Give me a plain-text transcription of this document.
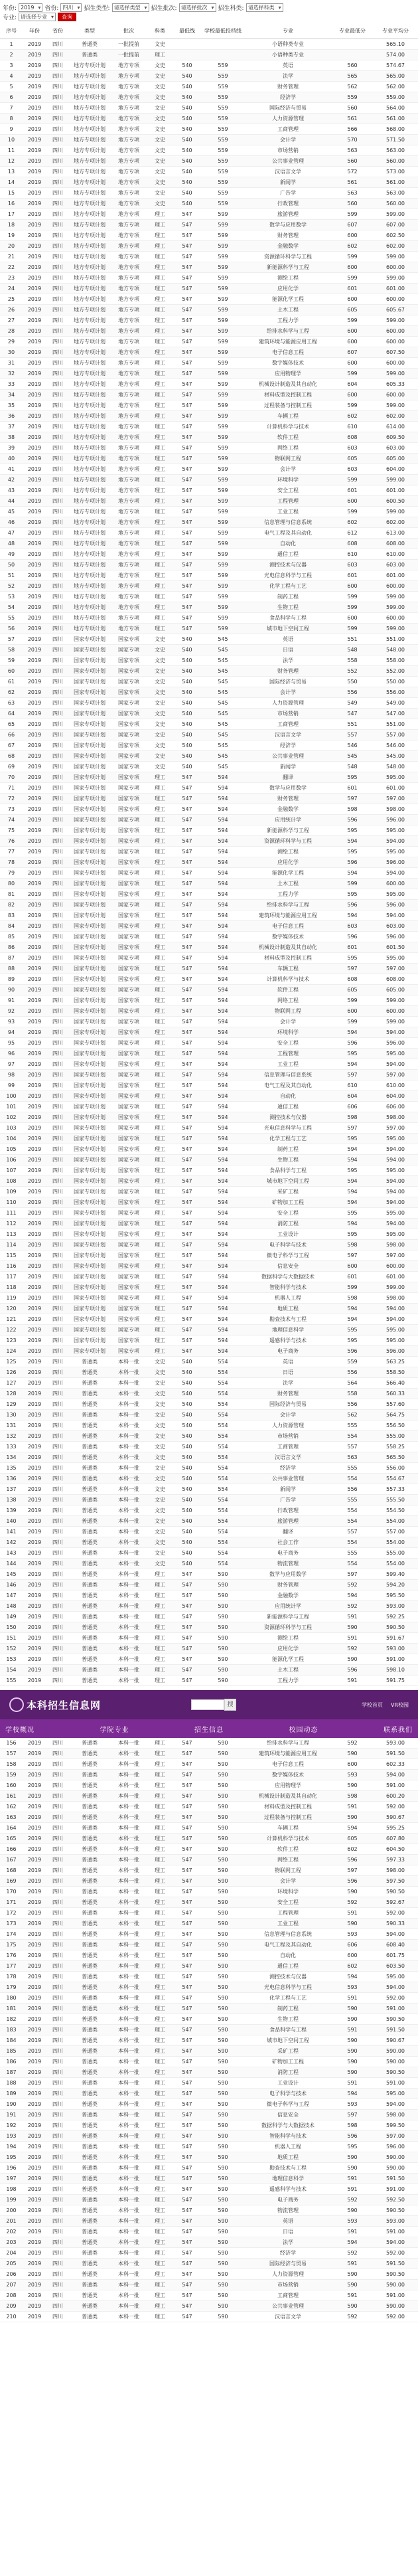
年份: 2019 ▾	省份: 四川 ▾	招生类型: 请选择类型 ▾	招生批次: 请选择批次 ▾	招生科类: 请选择科类 ▾
专业: 请选择专业 ▾	查询
序号	年份	省份	类型	批次	科类	最低线	学校最低投档线	专业	专业最低分	专业平均分
1	2019	四川	普通类	一批提前	文史			小语种类专业		565.10
2	2019	四川	普通类	一批提前	理工			小语种类专业		574.00
3	2019	四川	地方专项计划	地方专项	文史	540	559	英语	560	574.67
4	2019	四川	地方专项计划	地方专项	文史	540	559	法学	565	565.00
5	2019	四川	地方专项计划	地方专项	文史	540	559	财务管理	562	562.00
6	2019	四川	地方专项计划	地方专项	文史	540	559	经济学	559	559.00
7	2019	四川	地方专项计划	地方专项	文史	540	559	国际经济与贸易	560	564.00
8	2019	四川	地方专项计划	地方专项	文史	540	559	人力资源管理	561	561.00
9	2019	四川	地方专项计划	地方专项	文史	540	559	工商管理	566	568.00
10	2019	四川	地方专项计划	地方专项	文史	540	559	会计学	570	571.50
11	2019	四川	地方专项计划	地方专项	文史	540	559	市场营销	563	563.00
12	2019	四川	地方专项计划	地方专项	文史	540	559	公共事业管理	560	560.00
13	2019	四川	地方专项计划	地方专项	文史	540	559	汉语言文学	572	573.00
14	2019	四川	地方专项计划	地方专项	文史	540	559	新闻学	561	561.00
15	2019	四川	地方专项计划	地方专项	文史	540	559	广告学	563	563.00
16	2019	四川	地方专项计划	地方专项	文史	540	559	行政管理	560	560.00
17	2019	四川	地方专项计划	地方专项	理工	547	599	旅游管理	599	599.00
18	2019	四川	地方专项计划	地方专项	理工	547	599	数学与应用数学	607	607.00
19	2019	四川	地方专项计划	地方专项	理工	547	599	财务管理	600	602.50
20	2019	四川	地方专项计划	地方专项	理工	547	599	金融数学	602	602.00
21	2019	四川	地方专项计划	地方专项	理工	547	599	资源循环科学与工程	599	599.00
22	2019	四川	地方专项计划	地方专项	理工	547	599	新能源科学与工程	600	600.00
23	2019	四川	地方专项计划	地方专项	理工	547	599	测绘工程	599	599.00
24	2019	四川	地方专项计划	地方专项	理工	547	599	应用化学	601	601.00
25	2019	四川	地方专项计划	地方专项	理工	547	599	能源化学工程	600	600.00
26	2019	四川	地方专项计划	地方专项	理工	547	599	土木工程	605	605.67
27	2019	四川	地方专项计划	地方专项	理工	547	599	工程力学	599	599.00
28	2019	四川	地方专项计划	地方专项	理工	547	599	给排水科学与工程	600	600.00
29	2019	四川	地方专项计划	地方专项	理工	547	599	建筑环境与能源应用工程	600	600.00
30	2019	四川	地方专项计划	地方专项	理工	547	599	电子信息工程	607	607.50
31	2019	四川	地方专项计划	地方专项	理工	547	599	数字媒体技术	600	600.00
32	2019	四川	地方专项计划	地方专项	理工	547	599	应用物理学	599	599.00
33	2019	四川	地方专项计划	地方专项	理工	547	599	机械设计制造及其自动化	604	605.33
34	2019	四川	地方专项计划	地方专项	理工	547	599	材料成型及控制工程	600	600.00
35	2019	四川	地方专项计划	地方专项	理工	547	599	过程装备与控制工程	599	599.00
36	2019	四川	地方专项计划	地方专项	理工	547	599	车辆工程	602	602.00
37	2019	四川	地方专项计划	地方专项	理工	547	599	计算机科学与技术	610	614.00
38	2019	四川	地方专项计划	地方专项	理工	547	599	软件工程	608	609.50
39	2019	四川	地方专项计划	地方专项	理工	547	599	网络工程	603	603.00
40	2019	四川	地方专项计划	地方专项	理工	547	599	物联网工程	605	605.00
41	2019	四川	地方专项计划	地方专项	理工	547	599	会计学	603	604.00
42	2019	四川	地方专项计划	地方专项	理工	547	599	环境科学	599	599.00
43	2019	四川	地方专项计划	地方专项	理工	547	599	安全工程	601	601.00
44	2019	四川	地方专项计划	地方专项	理工	547	599	工程管理	600	600.50
45	2019	四川	地方专项计划	地方专项	理工	547	599	工业工程	599	599.00
46	2019	四川	地方专项计划	地方专项	理工	547	599	信息管理与信息系统	602	602.00
47	2019	四川	地方专项计划	地方专项	理工	547	599	电气工程及其自动化	612	613.00
48	2019	四川	地方专项计划	地方专项	理工	547	599	自动化	608	608.00
49	2019	四川	地方专项计划	地方专项	理工	547	599	通信工程	610	610.00
50	2019	四川	地方专项计划	地方专项	理工	547	599	测控技术与仪器	603	603.00
51	2019	四川	地方专项计划	地方专项	理工	547	599	光电信息科学与工程	601	601.00
52	2019	四川	地方专项计划	地方专项	理工	547	599	化学工程与工艺	600	600.00
53	2019	四川	地方专项计划	地方专项	理工	547	599	制药工程	599	599.00
54	2019	四川	地方专项计划	地方专项	理工	547	599	生物工程	599	599.00
55	2019	四川	地方专项计划	地方专项	理工	547	599	食品科学与工程	600	600.00
56	2019	四川	地方专项计划	地方专项	理工	547	599	城市地下空间工程	599	599.00
57	2019	四川	国家专项计划	国家专项	文史	540	545	英语	551	551.00
58	2019	四川	国家专项计划	国家专项	文史	540	545	日语	548	548.00
59	2019	四川	国家专项计划	国家专项	文史	540	545	法学	558	558.00
60	2019	四川	国家专项计划	国家专项	文史	540	545	财务管理	552	552.00
61	2019	四川	国家专项计划	国家专项	文史	540	545	国际经济与贸易	550	550.00
62	2019	四川	国家专项计划	国家专项	文史	540	545	会计学	556	556.00
63	2019	四川	国家专项计划	国家专项	文史	540	545	人力资源管理	549	549.00
64	2019	四川	国家专项计划	国家专项	文史	540	545	市场营销	547	547.00
65	2019	四川	国家专项计划	国家专项	文史	540	545	工商管理	551	551.00
66	2019	四川	国家专项计划	国家专项	文史	540	545	汉语言文学	557	557.00
67	2019	四川	国家专项计划	国家专项	文史	540	545	经济学	546	546.00
68	2019	四川	国家专项计划	国家专项	文史	540	545	公共事业管理	545	545.00
69	2019	四川	国家专项计划	国家专项	文史	540	545	新闻学	548	548.00
70	2019	四川	国家专项计划	国家专项	理工	547	594	翻译	595	595.00
71	2019	四川	国家专项计划	国家专项	理工	547	594	数学与应用数学	601	601.00
72	2019	四川	国家专项计划	国家专项	理工	547	594	财务管理	597	597.00
73	2019	四川	国家专项计划	国家专项	理工	547	594	金融数学	598	598.00
74	2019	四川	国家专项计划	国家专项	理工	547	594	应用统计学	596	596.00
75	2019	四川	国家专项计划	国家专项	理工	547	594	新能源科学与工程	595	595.00
76	2019	四川	国家专项计划	国家专项	理工	547	594	资源循环科学与工程	594	594.00
77	2019	四川	国家专项计划	国家专项	理工	547	594	测绘工程	595	595.00
78	2019	四川	国家专项计划	国家专项	理工	547	594	应用化学	596	596.00
79	2019	四川	国家专项计划	国家专项	理工	547	594	能源化学工程	594	594.00
80	2019	四川	国家专项计划	国家专项	理工	547	594	土木工程	599	600.00
81	2019	四川	国家专项计划	国家专项	理工	547	594	工程力学	595	595.00
82	2019	四川	国家专项计划	国家专项	理工	547	594	给排水科学与工程	596	596.00
83	2019	四川	国家专项计划	国家专项	理工	547	594	建筑环境与能源应用工程	594	594.00
84	2019	四川	国家专项计划	国家专项	理工	547	594	电子信息工程	603	603.00
85	2019	四川	国家专项计划	国家专项	理工	547	594	数字媒体技术	596	596.00
86	2019	四川	国家专项计划	国家专项	理工	547	594	机械设计制造及其自动化	601	601.50
87	2019	四川	国家专项计划	国家专项	理工	547	594	材料成型及控制工程	595	595.00
88	2019	四川	国家专项计划	国家专项	理工	547	594	车辆工程	597	597.00
89	2019	四川	国家专项计划	国家专项	理工	547	594	计算机科学与技术	608	608.00
90	2019	四川	国家专项计划	国家专项	理工	547	594	软件工程	605	605.00
91	2019	四川	国家专项计划	国家专项	理工	547	594	网络工程	599	599.00
92	2019	四川	国家专项计划	国家专项	理工	547	594	物联网工程	600	600.00
93	2019	四川	国家专项计划	国家专项	理工	547	594	会计学	599	599.00
94	2019	四川	国家专项计划	国家专项	理工	547	594	环境科学	594	594.00
95	2019	四川	国家专项计划	国家专项	理工	547	594	安全工程	596	596.00
96	2019	四川	国家专项计划	国家专项	理工	547	594	工程管理	595	595.00
97	2019	四川	国家专项计划	国家专项	理工	547	594	工业工程	594	594.00
98	2019	四川	国家专项计划	国家专项	理工	547	594	信息管理与信息系统	597	597.00
99	2019	四川	国家专项计划	国家专项	理工	547	594	电气工程及其自动化	610	610.00
100	2019	四川	国家专项计划	国家专项	理工	547	594	自动化	604	604.00
101	2019	四川	国家专项计划	国家专项	理工	547	594	通信工程	606	606.00
102	2019	四川	国家专项计划	国家专项	理工	547	594	测控技术与仪器	598	598.00
103	2019	四川	国家专项计划	国家专项	理工	547	594	光电信息科学与工程	597	597.00
104	2019	四川	国家专项计划	国家专项	理工	547	594	化学工程与工艺	595	595.00
105	2019	四川	国家专项计划	国家专项	理工	547	594	制药工程	594	594.00
106	2019	四川	国家专项计划	国家专项	理工	547	594	生物工程	594	594.00
107	2019	四川	国家专项计划	国家专项	理工	547	594	食品科学与工程	595	595.00
108	2019	四川	国家专项计划	国家专项	理工	547	594	城市地下空间工程	594	594.00
109	2019	四川	国家专项计划	国家专项	理工	547	594	采矿工程	594	594.00
110	2019	四川	国家专项计划	国家专项	理工	547	594	矿物加工工程	594	594.00
111	2019	四川	国家专项计划	国家专项	理工	547	594	安全工程	595	595.00
112	2019	四川	国家专项计划	国家专项	理工	547	594	消防工程	594	594.00
113	2019	四川	国家专项计划	国家专项	理工	547	594	工业设计	595	595.00
114	2019	四川	国家专项计划	国家专项	理工	547	594	电子科学与技术	598	598.00
115	2019	四川	国家专项计划	国家专项	理工	547	594	微电子科学与工程	597	597.00
116	2019	四川	国家专项计划	国家专项	理工	547	594	信息安全	600	600.00
117	2019	四川	国家专项计划	国家专项	理工	547	594	数据科学与大数据技术	601	601.00
118	2019	四川	国家专项计划	国家专项	理工	547	594	智能科学与技术	599	599.00
119	2019	四川	国家专项计划	国家专项	理工	547	594	机器人工程	598	598.00
120	2019	四川	国家专项计划	国家专项	理工	547	594	地质工程	594	594.00
121	2019	四川	国家专项计划	国家专项	理工	547	594	勘查技术与工程	594	594.00
122	2019	四川	国家专项计划	国家专项	理工	547	594	地理信息科学	595	595.00
123	2019	四川	国家专项计划	国家专项	理工	547	594	遥感科学与技术	595	595.00
124	2019	四川	国家专项计划	国家专项	理工	547	594	电子商务	596	596.00
125	2019	四川	普通类	本科一批	文史	540	554	英语	559	563.25
126	2019	四川	普通类	本科一批	文史	540	554	日语	556	558.50
127	2019	四川	普通类	本科一批	文史	540	554	法学	564	566.40
128	2019	四川	普通类	本科一批	文史	540	554	财务管理	558	560.33
129	2019	四川	普通类	本科一批	文史	540	554	国际经济与贸易	556	557.60
130	2019	四川	普通类	本科一批	文史	540	554	会计学	562	564.75
131	2019	四川	普通类	本科一批	文史	540	554	人力资源管理	555	556.50
132	2019	四川	普通类	本科一批	文史	540	554	市场营销	554	555.00
133	2019	四川	普通类	本科一批	文史	540	554	工商管理	557	558.25
134	2019	四川	普通类	本科一批	文史	540	554	汉语言文学	563	565.50
135	2019	四川	普通类	本科一批	文史	540	554	经济学	555	556.00
136	2019	四川	普通类	本科一批	文史	540	554	公共事业管理	554	554.67
137	2019	四川	普通类	本科一批	文史	540	554	新闻学	556	557.33
138	2019	四川	普通类	本科一批	文史	540	554	广告学	555	555.50
139	2019	四川	普通类	本科一批	文史	540	554	行政管理	554	554.50
140	2019	四川	普通类	本科一批	文史	540	554	旅游管理	554	554.00
141	2019	四川	普通类	本科一批	文史	540	554	翻译	557	557.00
142	2019	四川	普通类	本科一批	文史	540	554	社会工作	554	554.00
143	2019	四川	普通类	本科一批	文史	540	554	电子商务	555	555.00
144	2019	四川	普通类	本科一批	文史	540	554	物流管理	554	554.00
145	2019	四川	普通类	本科一批	理工	547	590	数学与应用数学	597	599.40
146	2019	四川	普通类	本科一批	理工	547	590	财务管理	592	594.20
147	2019	四川	普通类	本科一批	理工	547	590	金融数学	594	595.50
148	2019	四川	普通类	本科一批	理工	547	590	应用统计学	592	593.00
149	2019	四川	普通类	本科一批	理工	547	590	新能源科学与工程	591	592.25
150	2019	四川	普通类	本科一批	理工	547	590	资源循环科学与工程	590	590.50
151	2019	四川	普通类	本科一批	理工	547	590	测绘工程	591	591.67
152	2019	四川	普通类	本科一批	理工	547	590	应用化学	592	593.00
153	2019	四川	普通类	本科一批	理工	547	590	能源化学工程	590	591.00
154	2019	四川	普通类	本科一批	理工	547	590	土木工程	596	598.10
155	2019	四川	普通类	本科一批	理工	547	590	工程力学	591	591.75
本科招生信息网	搜	学校首页 VR校园
学校概况	学院专业	招生信息	校园动态	联系我们
156	2019	四川	普通类	本科一批	理工	547	590	给排水科学与工程	592	593.00
157	2019	四川	普通类	本科一批	理工	547	590	建筑环境与能源应用工程	590	591.50
158	2019	四川	普通类	本科一批	理工	547	590	电子信息工程	600	602.33
159	2019	四川	普通类	本科一批	理工	547	590	数字媒体技术	593	594.00
160	2019	四川	普通类	本科一批	理工	547	590	应用物理学	590	591.00
161	2019	四川	普通类	本科一批	理工	547	590	机械设计制造及其自动化	598	600.20
162	2019	四川	普通类	本科一批	理工	547	590	材料成型及控制工程	591	592.00
163	2019	四川	普通类	本科一批	理工	547	590	过程装备与控制工程	590	590.67
164	2019	四川	普通类	本科一批	理工	547	590	车辆工程	594	595.25
165	2019	四川	普通类	本科一批	理工	547	590	计算机科学与技术	605	607.80
166	2019	四川	普通类	本科一批	理工	547	590	软件工程	602	604.50
167	2019	四川	普通类	本科一批	理工	547	590	网络工程	596	597.33
168	2019	四川	普通类	本科一批	理工	547	590	物联网工程	597	598.00
169	2019	四川	普通类	本科一批	理工	547	590	会计学	596	597.50
170	2019	四川	普通类	本科一批	理工	547	590	环境科学	590	590.50
171	2019	四川	普通类	本科一批	理工	547	590	安全工程	592	592.67
172	2019	四川	普通类	本科一批	理工	547	590	工程管理	591	592.00
173	2019	四川	普通类	本科一批	理工	547	590	工业工程	590	590.33
174	2019	四川	普通类	本科一批	理工	547	590	信息管理与信息系统	593	594.00
175	2019	四川	普通类	本科一批	理工	547	590	电气工程及其自动化	606	608.40
176	2019	四川	普通类	本科一批	理工	547	590	自动化	600	601.75
177	2019	四川	普通类	本科一批	理工	547	590	通信工程	602	603.50
178	2019	四川	普通类	本科一批	理工	547	590	测控技术与仪器	594	595.00
179	2019	四川	普通类	本科一批	理工	547	590	光电信息科学与工程	593	594.00
180	2019	四川	普通类	本科一批	理工	547	590	化学工程与工艺	591	592.00
181	2019	四川	普通类	本科一批	理工	547	590	制药工程	590	591.00
182	2019	四川	普通类	本科一批	理工	547	590	生物工程	590	590.50
183	2019	四川	普通类	本科一批	理工	547	590	食品科学与工程	591	591.50
184	2019	四川	普通类	本科一批	理工	547	590	城市地下空间工程	590	590.67
185	2019	四川	普通类	本科一批	理工	547	590	采矿工程	590	590.00
186	2019	四川	普通类	本科一批	理工	547	590	矿物加工工程	590	590.00
187	2019	四川	普通类	本科一批	理工	547	590	消防工程	590	590.50
188	2019	四川	普通类	本科一批	理工	547	590	工业设计	591	591.00
189	2019	四川	普通类	本科一批	理工	547	590	电子科学与技术	594	595.00
190	2019	四川	普通类	本科一批	理工	547	590	微电子科学与工程	593	594.00
191	2019	四川	普通类	本科一批	理工	547	590	信息安全	597	598.00
192	2019	四川	普通类	本科一批	理工	547	590	数据科学与大数据技术	598	599.50
193	2019	四川	普通类	本科一批	理工	547	590	智能科学与技术	596	597.00
194	2019	四川	普通类	本科一批	理工	547	590	机器人工程	595	596.00
195	2019	四川	普通类	本科一批	理工	547	590	地质工程	590	590.00
196	2019	四川	普通类	本科一批	理工	547	590	勘查技术与工程	590	590.00
197	2019	四川	普通类	本科一批	理工	547	590	地理信息科学	591	591.50
198	2019	四川	普通类	本科一批	理工	547	590	遥感科学与技术	591	591.00
199	2019	四川	普通类	本科一批	理工	547	590	电子商务	592	592.50
200	2019	四川	普通类	本科一批	理工	547	590	物流管理	590	590.50
201	2019	四川	普通类	本科一批	理工	547	590	英语	593	593.00
202	2019	四川	普通类	本科一批	理工	547	590	日语	591	591.00
203	2019	四川	普通类	本科一批	理工	547	590	法学	594	594.00
204	2019	四川	普通类	本科一批	理工	547	590	经济学	592	592.00
205	2019	四川	普通类	本科一批	理工	547	590	国际经济与贸易	591	591.50
206	2019	四川	普通类	本科一批	理工	547	590	人力资源管理	590	590.50
207	2019	四川	普通类	本科一批	理工	547	590	市场营销	590	590.00
208	2019	四川	普通类	本科一批	理工	547	590	工商管理	591	591.00
209	2019	四川	普通类	本科一批	理工	547	590	公共事业管理	590	590.00
210	2019	四川	普通类	本科一批	理工	547	590	汉语言文学	592	592.00
